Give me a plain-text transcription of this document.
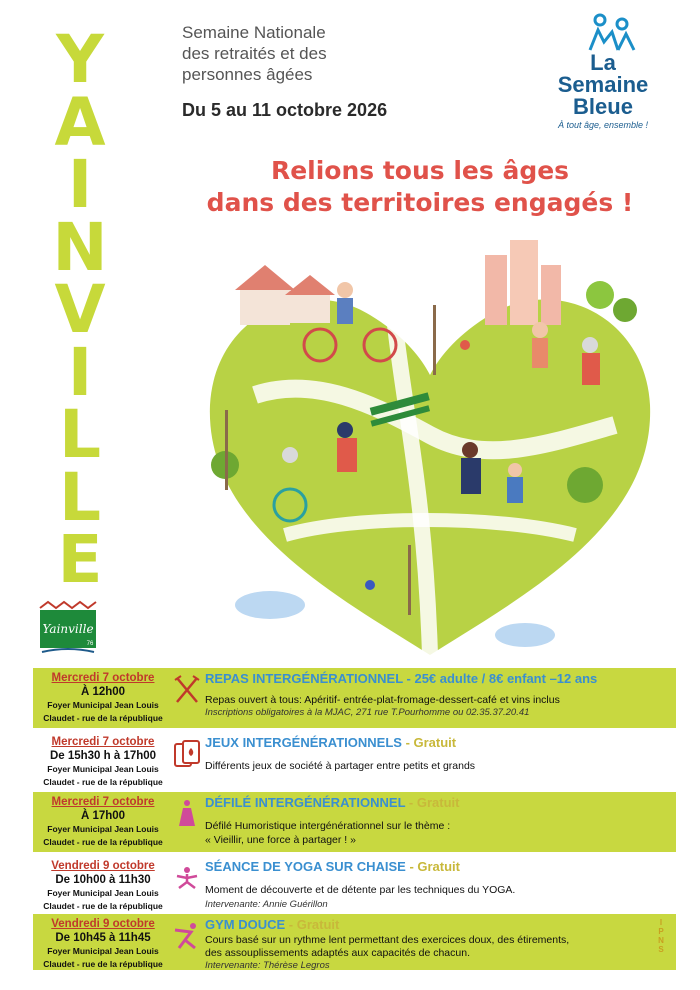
Y
A
I
N
V
I
L
L
E
Yainville
76
Semaine Nationale
des retraités et des
personnes âgées
Du 5 au 11 octobre 2026
La
Semaine
Bleue
À tout âge, ensemble !
Relions tous les âges
dans des territoires engagés !
Mercredi 7 octobre
À 12h00
Foyer Municipal Jean Louis
Claudet - rue de la république
REPAS INTERGÉNÉRATIONNEL - 25€ adulte / 8€ enfant –12 ans
Repas ouvert à tous: Apéritif- entrée-plat-fromage-dessert-café et vins inclus
Inscriptions obligatoires à la MJAC, 271 rue T.Pourhomme ou 02.35.37.20.41
Mercredi 7 octobre
De 15h30 h à 17h00
Foyer Municipal Jean Louis
Claudet - rue de la république
JEUX INTERGÉNÉRATIONNELS - Gratuit
Différents jeux de société à partager entre petits et grands
Mercredi 7 octobre
À 17h00
Foyer Municipal Jean Louis
Claudet - rue de la république
DÉFILÉ INTERGÉNÉRATIONNEL - Gratuit
Défilé Humoristique intergénérationnel sur le thème :
« Vieillir, une force à partager ! »
Vendredi 9 octobre
De 10h00 à 11h30
Foyer Municipal Jean Louis
Claudet - rue de la république
SÉANCE DE YOGA SUR CHAISE - Gratuit
Moment de découverte et de détente par les techniques du YOGA.
Intervenante: Annie Guérillon
Vendredi 9 octobre
De 10h45 à 11h45
Foyer Municipal Jean Louis
Claudet - rue de la république
GYM DOUCE - Gratuit
Cours basé sur un rythme lent permettant des exercices doux, des étirements,
des assouplissements adaptés aux capacités de chacun.
Intervenante: Thérèse Legros
I
P
N
S
